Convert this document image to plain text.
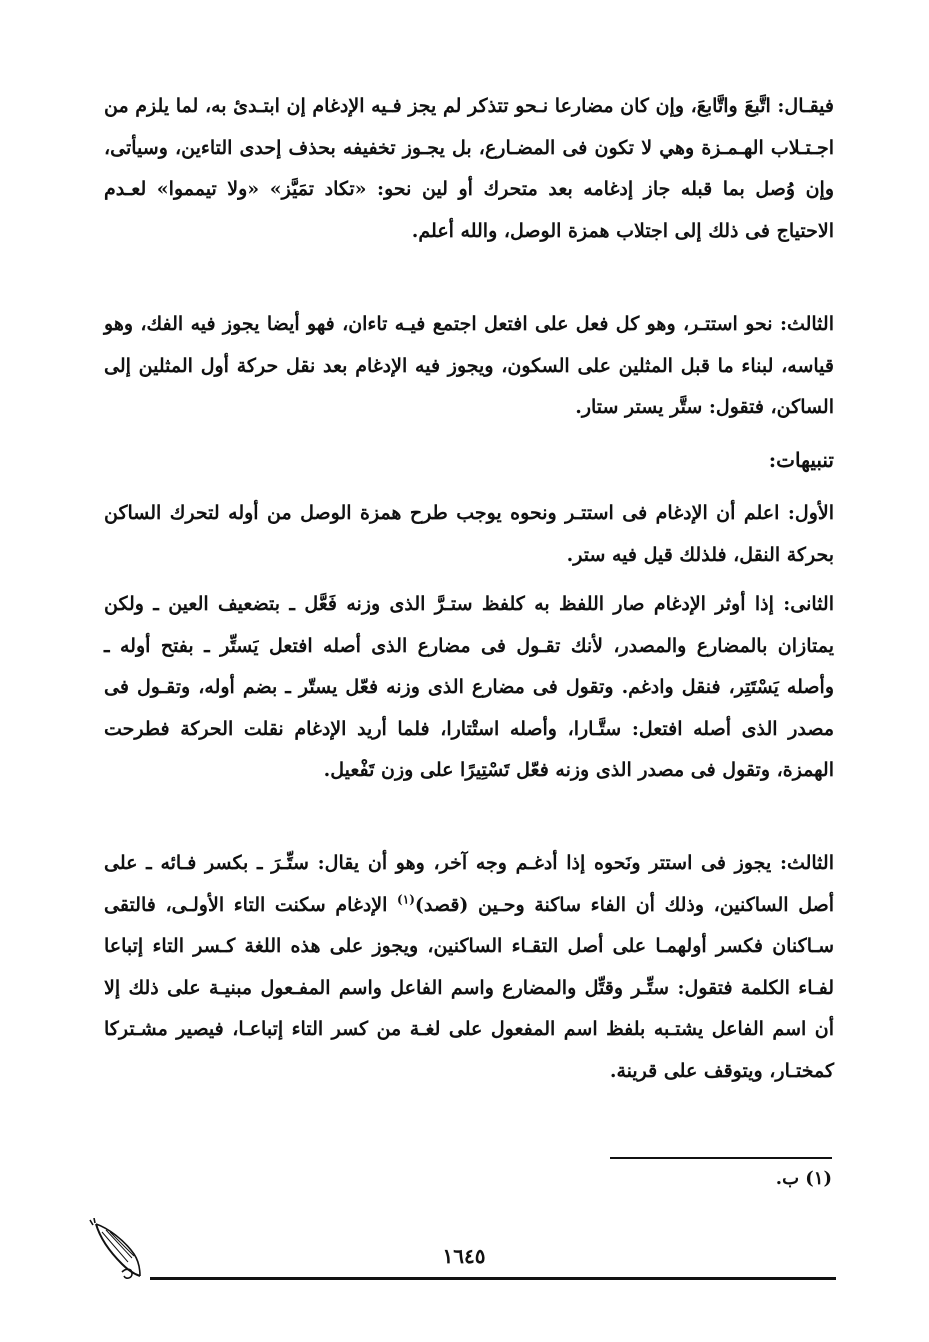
فيقـال: اتَّبعَ واتَّابعَ، وإن كان مضارعا نـحو تتذكر لم يجز فـيه الإدغام إن ابتـدئ به، لما يلزم من اجـتـلاب الهـمـزة وهي لا تكون فى المضـارع، بل يجـوز تخفيفه بحذف إحدى التاءين، وسيأتى، وإن وُصل بما قبله جاز إدغامه بعد متحرك أو لين نحو: «تكاد تمَيَّز» «ولا تيمموا» لعـدم الاحتياج فى ذلك إلى اجتلاب همزة الوصل، والله أعلم.

الثالث: نحو استتـر، وهو كل فعل على افتعل اجتمع فيـه تاءان، فهو أيضا يجوز فيه الفك، وهو قياسه، لبناء ما قبل المثلين على السكون، ويجوز فيه الإدغام بعد نقل حركة أول المثلين إلى الساكن، فتقول: ستَّر يستر ستار.

تنبيهات:

الأول: اعلم أن الإدغام فى استتـر ونحوه يوجب طرح همزة الوصل من أوله لتحرك الساكن بحركة النقل، فلذلك قيل فيه ستر.

الثانى: إذا أوثر الإدغام صار اللفظ به كلفظ ستـرَّ الذى وزنه فَعَّل ـ بتضعيف العين ـ ولكن يمتازان بالمضارع والمصدر، لأنك تقـول فى مضارع الذى أصله افتعل يَستِّر ـ بفتح أوله ـ وأصله يَسْتَتِر، فنقل وادغم. وتقول فى مضارع الذى وزنه فعّل يستّر ـ بضم أوله، وتقـول فى مصدر الذى أصله افتعل: ستَّـارا، وأصله استْتارا، فلما أريد الإدغام نقلت الحركة فطرحت الهمزة، وتقول فى مصدر الذى وزنه فعّل تَسْتِيرًا على وزن تَفْعيل.

الثالث: يجوز فى استتر ونَحوه إذا أدغـم وجه آخر، وهو أن يقال: ستِّـرَ ـ بكسر فـائه ـ على أصل الساكنين، وذلك أن الفاء ساكنة وحـين (قصد)$^{(١)}$ الإدغام سكنت التاء الأولـى، فالتقى سـاكنان فكسر أولهمـا على أصل التقـاء الساكنين، ويجوز على هذه اللغة كـسر التاء إتباعا لفـاء الكلمة فتقول: ستِّـر وقتِّل والمضارع واسم الفاعل واسم المفـعول مبنيـة على ذلك إلا أن اسم الفاعل يشتـبه بلفظ اسم المفعول على لغـة من كسر التاء إتباعـا، فيصير مشـتركا كمختـار، ويتوقف على قرينة.

(١) ب.

١٦٤٥
